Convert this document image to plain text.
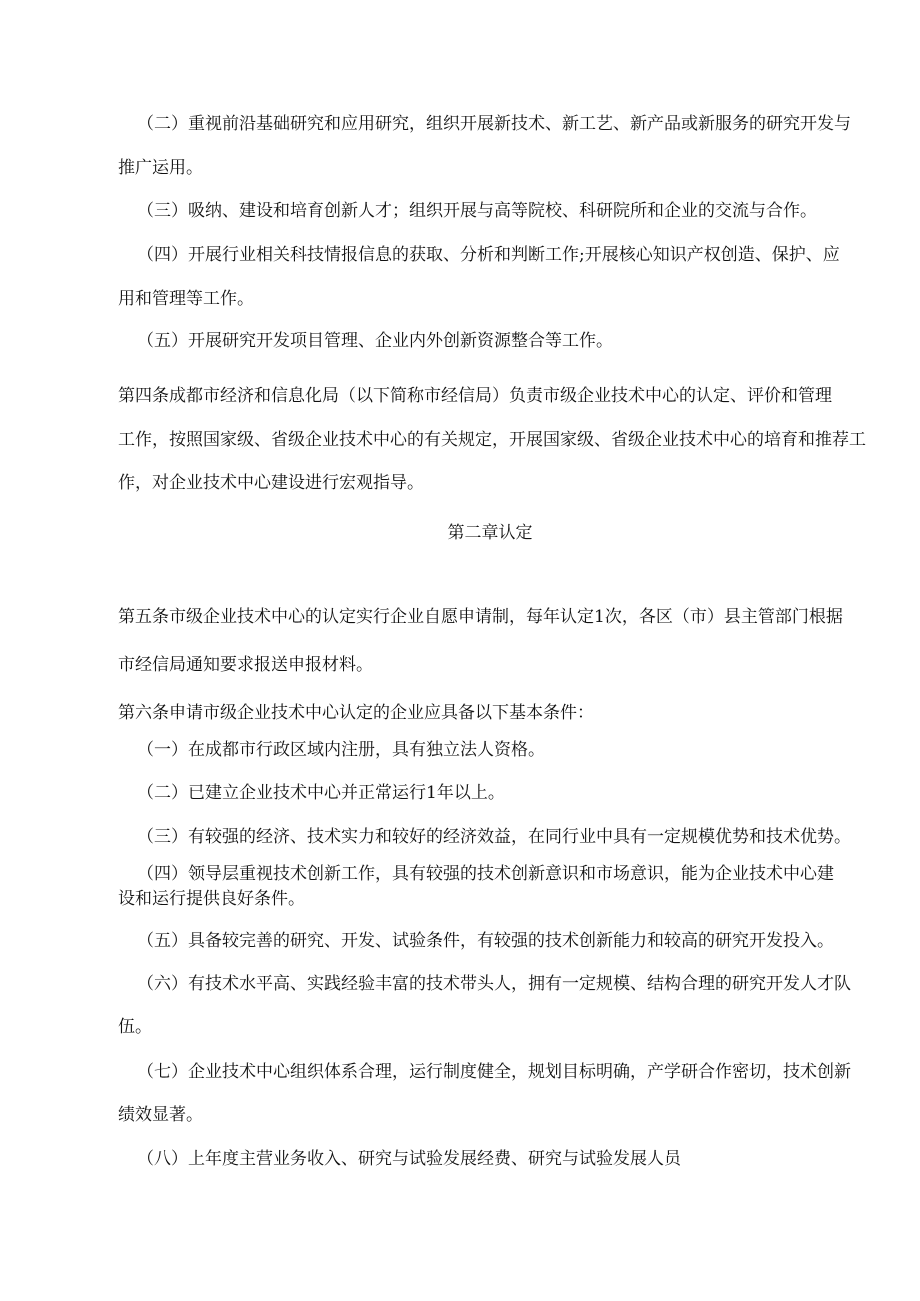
（二）重视前沿基础研究和应用研究，组织开展新技术、新工艺、新产品或新服务的研究开发与
推广运用。
（三）吸纳、建设和培育创新人才；组织开展与高等院校、科研院所和企业的交流与合作。
（四）开展行业相关科技情报信息的获取、分析和判断工作;开展核心知识产权创造、保护、应
用和管理等工作。
（五）开展研究开发项目管理、企业内外创新资源整合等工作。
第四条成都市经济和信息化局（以下简称市经信局）负责市级企业技术中心的认定、评价和管理
工作，按照国家级、省级企业技术中心的有关规定，开展国家级、省级企业技术中心的培育和推荐工
作，对企业技术中心建设进行宏观指导。
第二章认定
第五条市级企业技术中心的认定实行企业自愿申请制，每年认定1次，各区（市）县主管部门根据
市经信局通知要求报送申报材料。
第六条申请市级企业技术中心认定的企业应具备以下基本条件：
（一）在成都市行政区域内注册，具有独立法人资格。
（二）已建立企业技术中心并正常运行1年以上。
（三）有较强的经济、技术实力和较好的经济效益，在同行业中具有一定规模优势和技术优势。
（四）领导层重视技术创新工作，具有较强的技术创新意识和市场意识，能为企业技术中心建
设和运行提供良好条件。
（五）具备较完善的研究、开发、试验条件，有较强的技术创新能力和较高的研究开发投入。
（六）有技术水平高、实践经验丰富的技术带头人，拥有一定规模、结构合理的研究开发人才队
伍。
（七）企业技术中心组织体系合理，运行制度健全，规划目标明确，产学研合作密切，技术创新
绩效显著。
（八）上年度主营业务收入、研究与试验发展经费、研究与试验发展人员
